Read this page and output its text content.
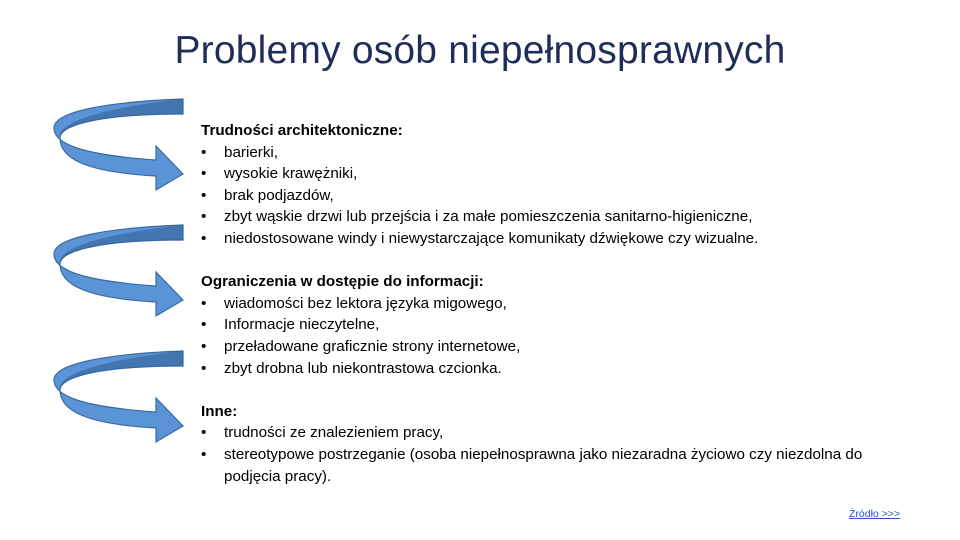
Problemy osób niepełnosprawnych
Trudności architektoniczne:
• barierki,
• wysokie krawężniki,
• brak podjazdów,
• zbyt wąskie drzwi lub przejścia i za małe pomieszczenia sanitarno-higieniczne,
• niedostosowane windy i niewystarczające komunikaty dźwiękowe czy wizualne.
Ograniczenia w dostępie do informacji:
• wiadomości bez lektora języka migowego,
• Informacje nieczytelne,
• przeładowane graficznie strony internetowe,
• zbyt drobna lub niekontrastowa czcionka.
Inne:
• trudności ze znalezieniem pracy,
• stereotypowe postrzeganie (osoba niepełnosprawna jako niezaradna życiowo czy niezdolna do podjęcia pracy).
Źródło >>>
